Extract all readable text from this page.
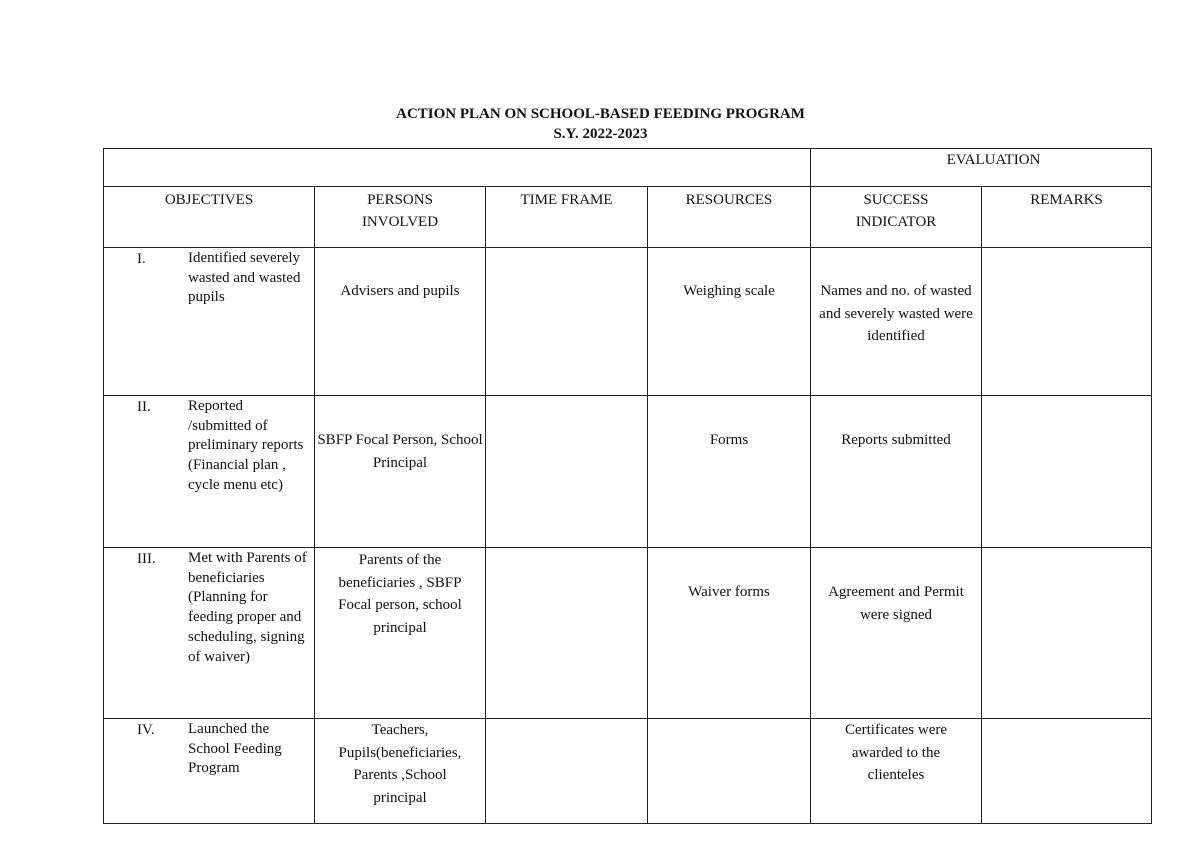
ACTION PLAN ON SCHOOL-BASED FEEDING PROGRAM
S.Y. 2022-2023
				EVALUATION	

OBJECTIVES	PERSONS INVOLVED	TIME FRAME	RESOURCES	SUCCESS INDICATOR	REMARKS

I. Identified severely wasted and wasted pupils	Advisers and pupils		Weighing scale	Names and no. of wasted and severely wasted were identified	

II. Reported /submitted of preliminary reports (Financial plan , cycle menu etc)	SBFP Focal Person, School Principal		Forms	Reports submitted	

III. Met with Parents of beneficiaries (Planning for feeding proper and scheduling, signing of waiver)	Parents of the beneficiaries , SBFP Focal person, school principal		Waiver forms	Agreement and Permit were signed	

IV. Launched the School Feeding Program	Teachers, Pupils(beneficiaries, Parents ,School principal			Certificates were awarded to the clienteles	
